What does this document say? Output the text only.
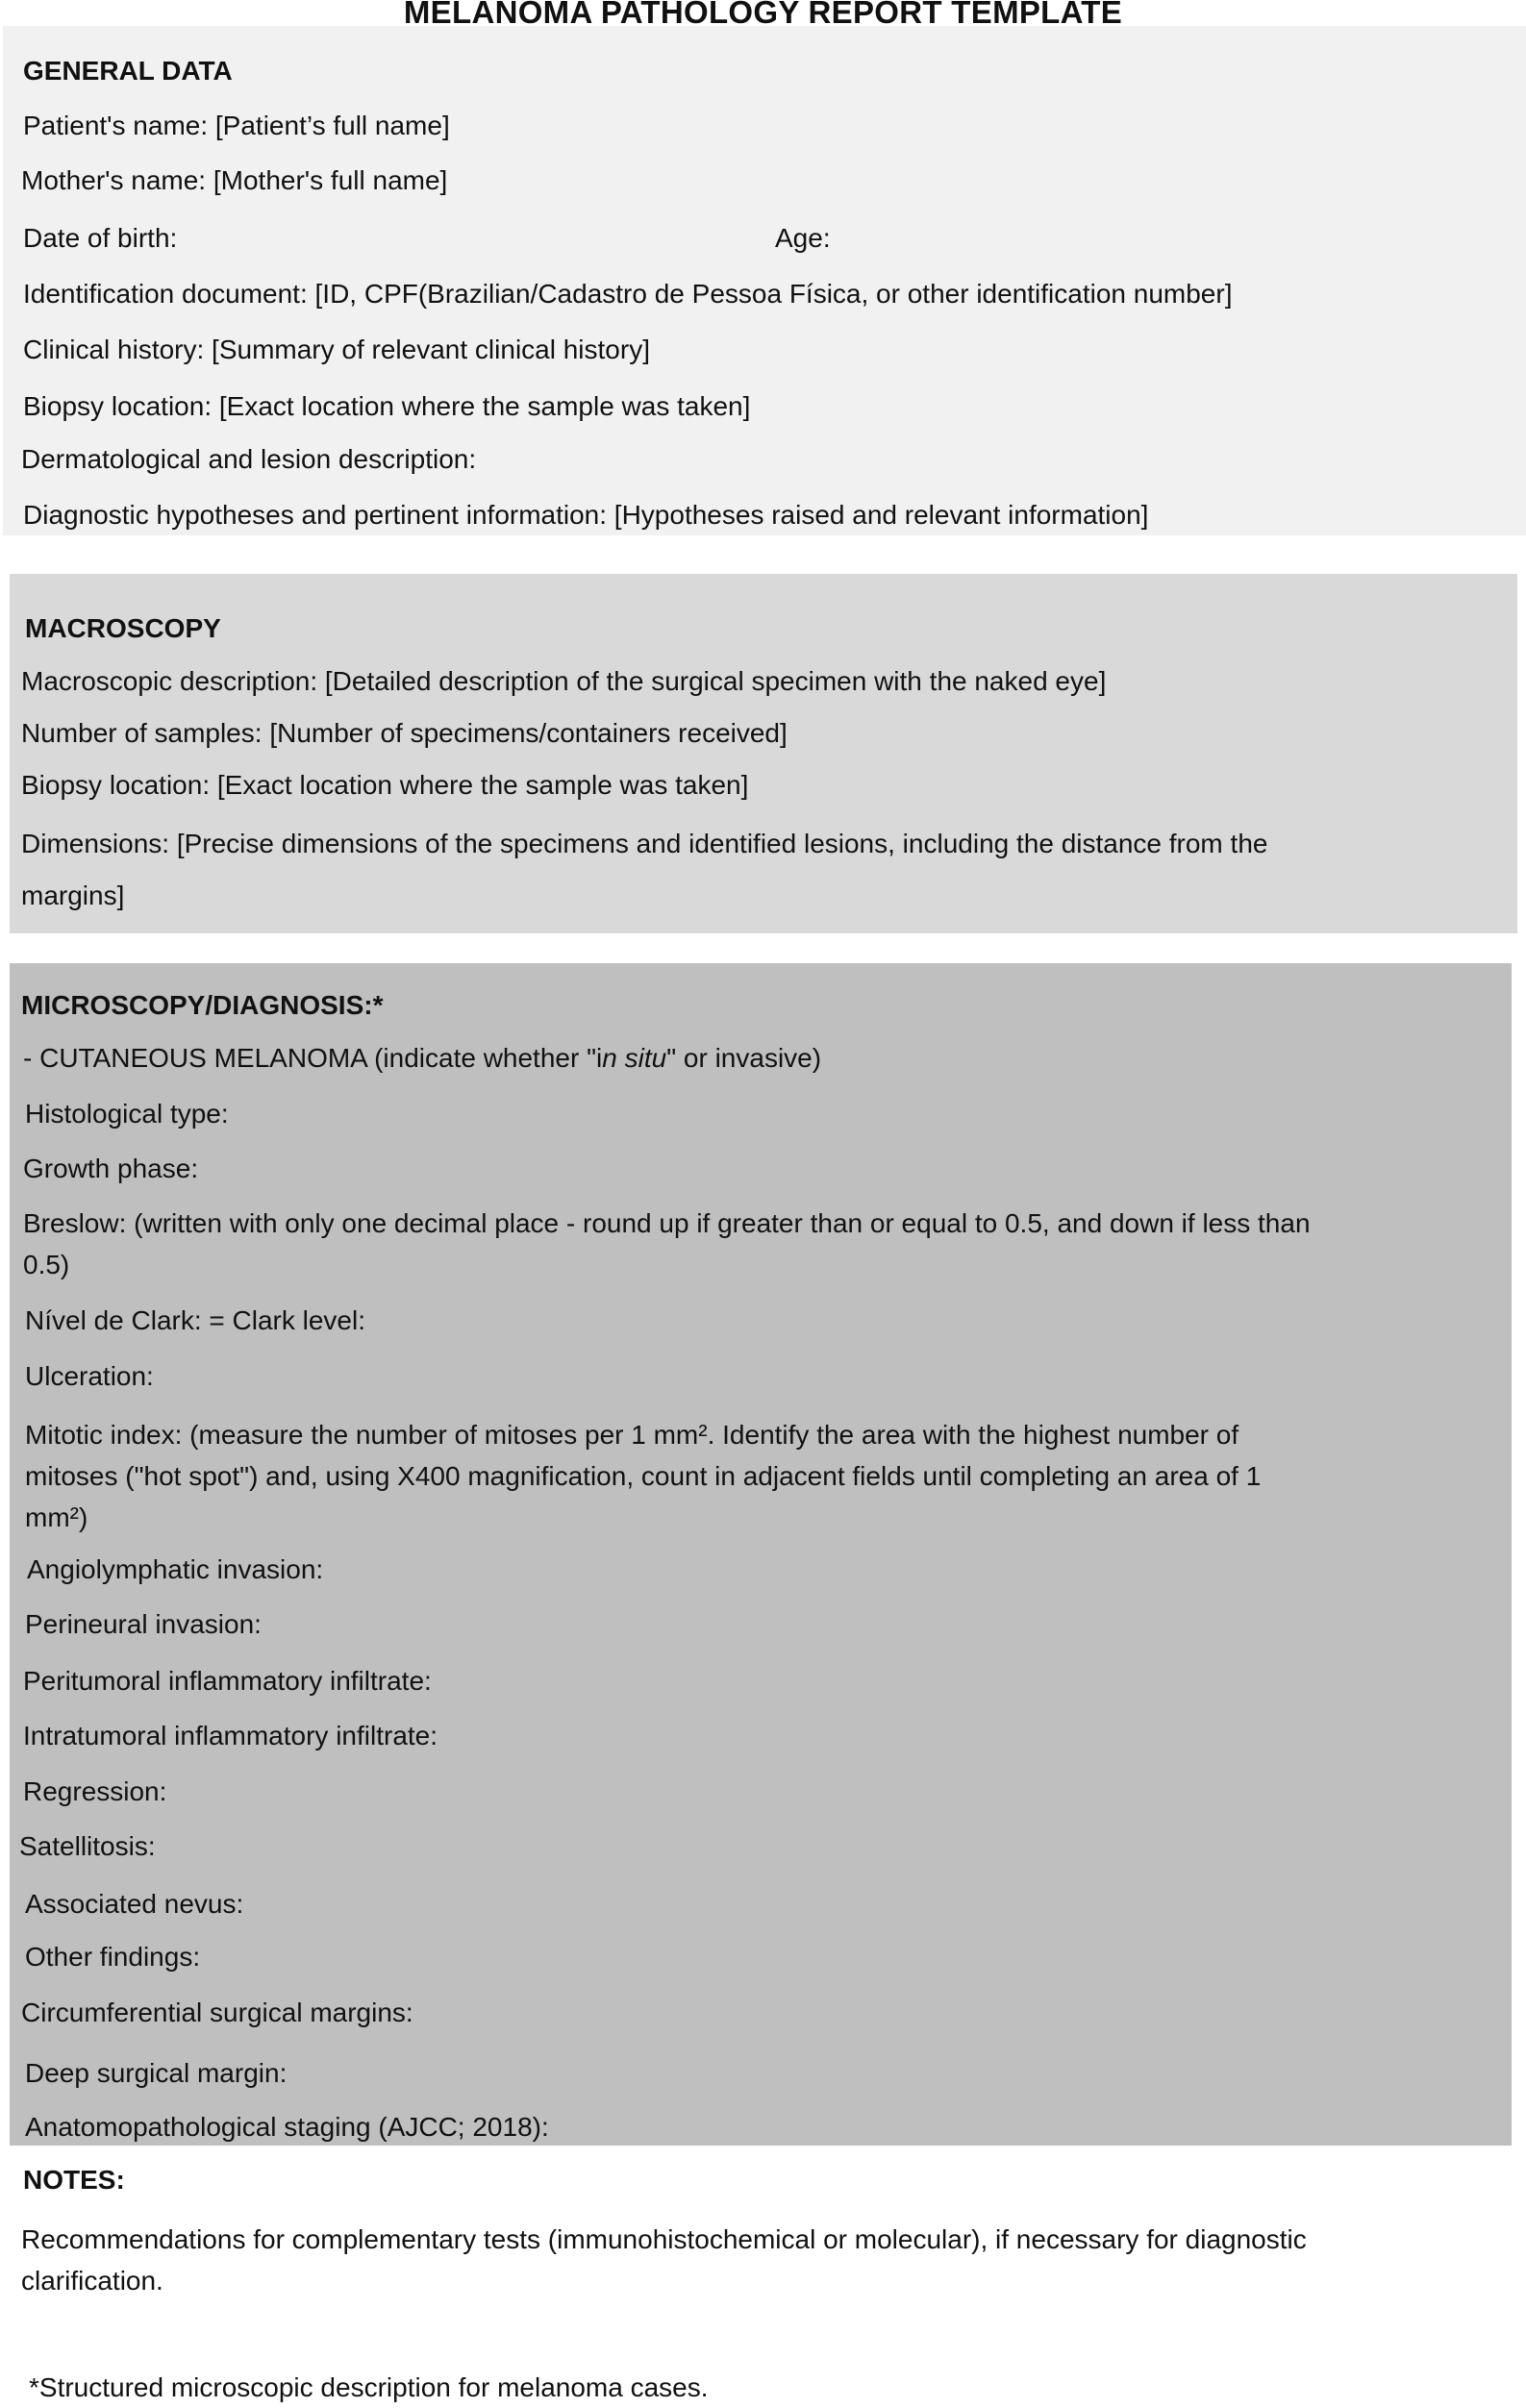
MELANOMA PATHOLOGY REPORT TEMPLATE
GENERAL DATA
Patient's name: [Patient’s full name]
Mother's name: [Mother's full name]
Date of birth:	Age:
Identification document: [ID, CPF(Brazilian/Cadastro de Pessoa Física, or other identification number]
Clinical history: [Summary of relevant clinical history]
Biopsy location: [Exact location where the sample was taken]
Dermatological and lesion description:
Diagnostic hypotheses and pertinent information: [Hypotheses raised and relevant information]
MACROSCOPY
Macroscopic description: [Detailed description of the surgical specimen with the naked eye]
Number of samples: [Number of specimens/containers received]
Biopsy location: [Exact location where the sample was taken]
Dimensions: [Precise dimensions of the specimens and identified lesions, including the distance from the margins]
MICROSCOPY/DIAGNOSIS:*
- CUTANEOUS MELANOMA (indicate whether "in situ" or invasive)
Histological type:
Growth phase:
Breslow: (written with only one decimal place - round up if greater than or equal to 0.5, and down if less than 0.5)
Nível de Clark: = Clark level:
Ulceration:
Mitotic index: (measure the number of mitoses per 1 mm². Identify the area with the highest number of mitoses ("hot spot") and, using X400 magnification, count in adjacent fields until completing an area of 1 mm²)
Angiolymphatic invasion:
Perineural invasion:
Peritumoral inflammatory infiltrate:
Intratumoral inflammatory infiltrate:
Regression:
Satellitosis:
Associated nevus:
Other findings:
Circumferential surgical margins:
Deep surgical margin:
Anatomopathological staging (AJCC; 2018):
NOTES:
Recommendations for complementary tests (immunohistochemical or molecular), if necessary for diagnostic clarification.
*Structured microscopic description for melanoma cases.
